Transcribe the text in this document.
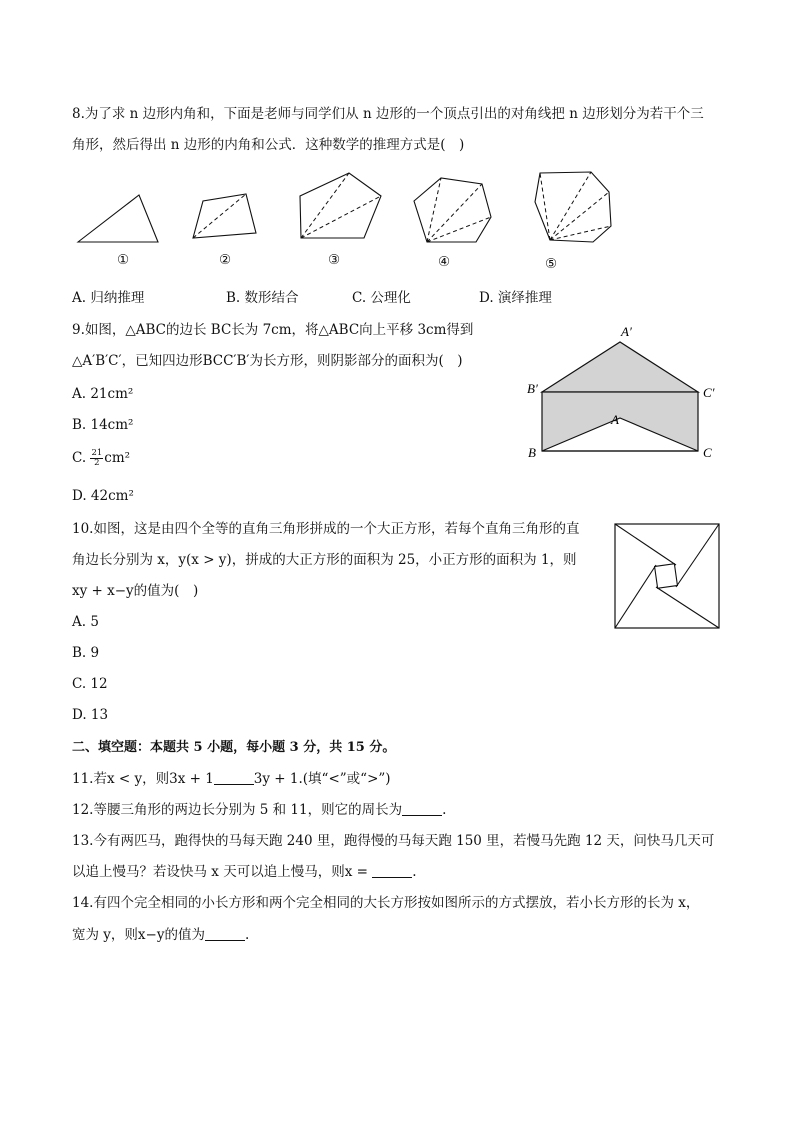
8.为了求 n 边形内角和，下面是老师与同学们从 n 边形的一个顶点引出的对角线把 n 边形划分为若干个三
角形，然后得出 n 边形的内角和公式．这种数学的推理方式是(　)
①	②	③	④	⑤
A. 归纳推理	B. 数形结合	C. 公理化	D. 演绎推理
9.如图，△ABC的边长 BC长为 7cm，将△ABC向上平移 3cm得到
△A′B′C′，已知四边形BCC′B′为长方形，则阴影部分的面积为(　)
A. 21cm²
B. 14cm²
C. $\frac{21}{2} cm^2$
D. 42cm²
A′
B′	C′
A
B	C
10.如图，这是由四个全等的直角三角形拼成的一个大正方形，若每个直角三角形的直
角边长分别为 x，y(x > y)，拼成的大正方形的面积为 25，小正方形的面积为 1，则
xy + x−y的值为(　)
A. 5
B. 9
C. 12
D. 13
二、填空题：本题共 5 小题，每小题 3 分，共 15 分。
11.若x < y，则3x + 1	3y + 1.(填“<”或“>”)
12.等腰三角形的两边长分别为 5 和 11，则它的周长为	.
13.今有两匹马，跑得快的马每天跑 240 里，跑得慢的马每天跑 150 里，若慢马先跑 12 天，问快马几天可
以追上慢马？若设快马 x 天可以追上慢马，则x =	.
14.有四个完全相同的小长方形和两个完全相同的大长方形按如图所示的方式摆放，若小长方形的长为 x，
宽为 y，则x−y的值为	.
